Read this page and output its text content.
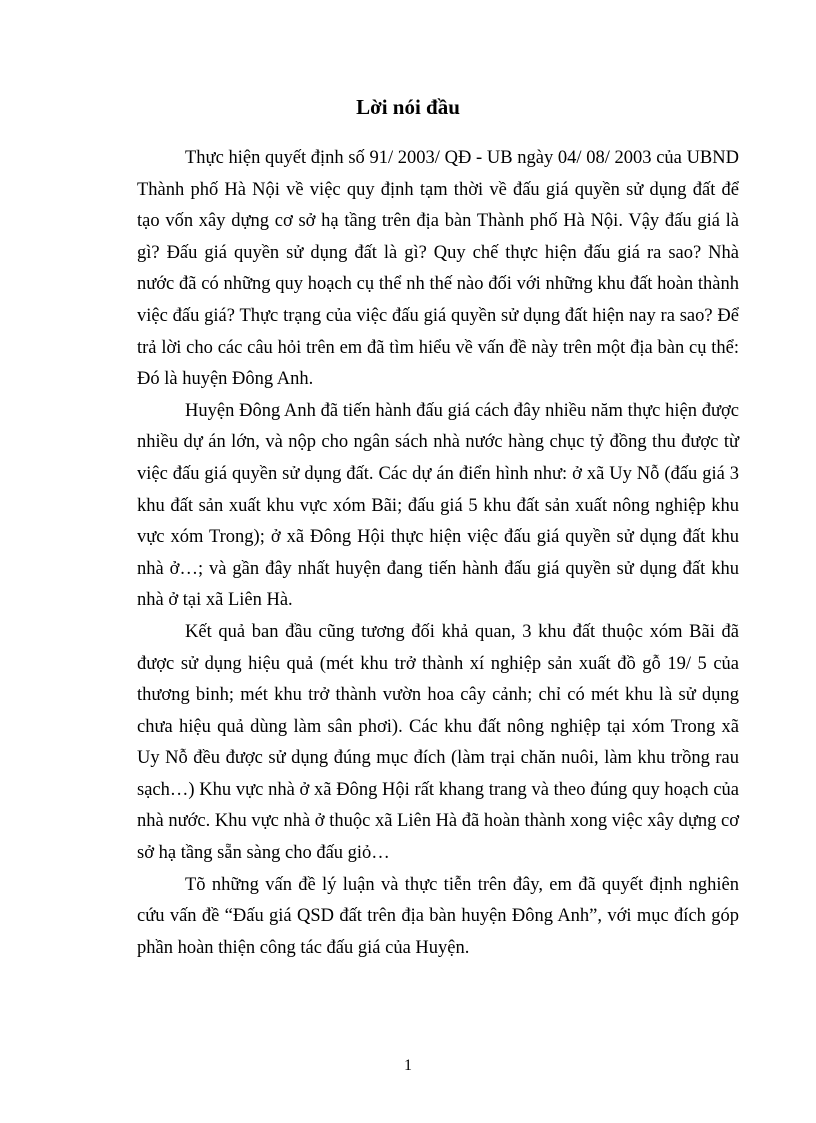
Lời nói đầu

Thực hiện quyết định số 91/ 2003/ QĐ - UB ngày 04/ 08/ 2003 của UBND Thành phố Hà Nội về việc quy định tạm thời về đấu giá quyền sử dụng đất để tạo vốn xây dựng cơ sở hạ tầng trên địa bàn Thành phố Hà Nội. Vậy đấu giá là gì? Đấu giá quyền sử dụng đất là gì? Quy chế thực hiện đấu giá ra sao? Nhà nước đã có những quy hoạch cụ thể nh thế nào đối với những khu đất hoàn thành việc đấu giá? Thực trạng của việc đấu giá quyền sử dụng đất hiện nay ra sao? Để trả lời cho các câu hỏi trên em đã tìm hiểu về vấn đề này trên một địa bàn cụ thể: Đó là huyện Đông Anh.

Huyện Đông Anh đã tiến hành đấu giá cách đây nhiều năm thực hiện được nhiều dự án lớn, và nộp cho ngân sách nhà nước hàng chục tỷ đồng thu được từ việc đấu giá quyền sử dụng đất. Các dự án điển hình như: ở xã Uy Nỗ (đấu giá 3 khu đất sản xuất khu vực xóm Bãi; đấu giá 5 khu đất sản xuất nông nghiệp khu vực xóm Trong); ở xã Đông Hội thực hiện việc đấu giá quyền sử dụng đất khu nhà ở…; và gần đây nhất huyện đang tiến hành đấu giá quyền sử dụng đất khu nhà ở tại xã Liên Hà.

Kết quả ban đầu cũng tương đối khả quan, 3 khu đất thuộc xóm Bãi đã được sử dụng hiệu quả (mét khu trở thành xí nghiệp sản xuất đồ gỗ 19/ 5 của thương binh; mét khu trở thành vườn hoa cây cảnh; chỉ có mét khu là sử dụng chưa hiệu quả dùng làm sân phơi). Các khu đất nông nghiệp tại xóm Trong xã Uy Nỗ đều được sử dụng đúng mục đích (làm trại chăn nuôi, làm khu trồng rau sạch…) Khu vực nhà ở xã Đông Hội rất khang trang và theo đúng quy hoạch của nhà nước. Khu vực nhà ở thuộc xã Liên Hà đã hoàn thành xong việc xây dựng cơ sở hạ tầng sẵn sàng cho đấu giỏ…

Tõ những vấn đề lý luận và thực tiễn trên đây, em đã quyết định nghiên cứu vấn đề “Đấu giá QSD đất trên địa bàn huyện Đông Anh”, với mục đích góp phần hoàn thiện công tác đấu giá của Huyện.

1
